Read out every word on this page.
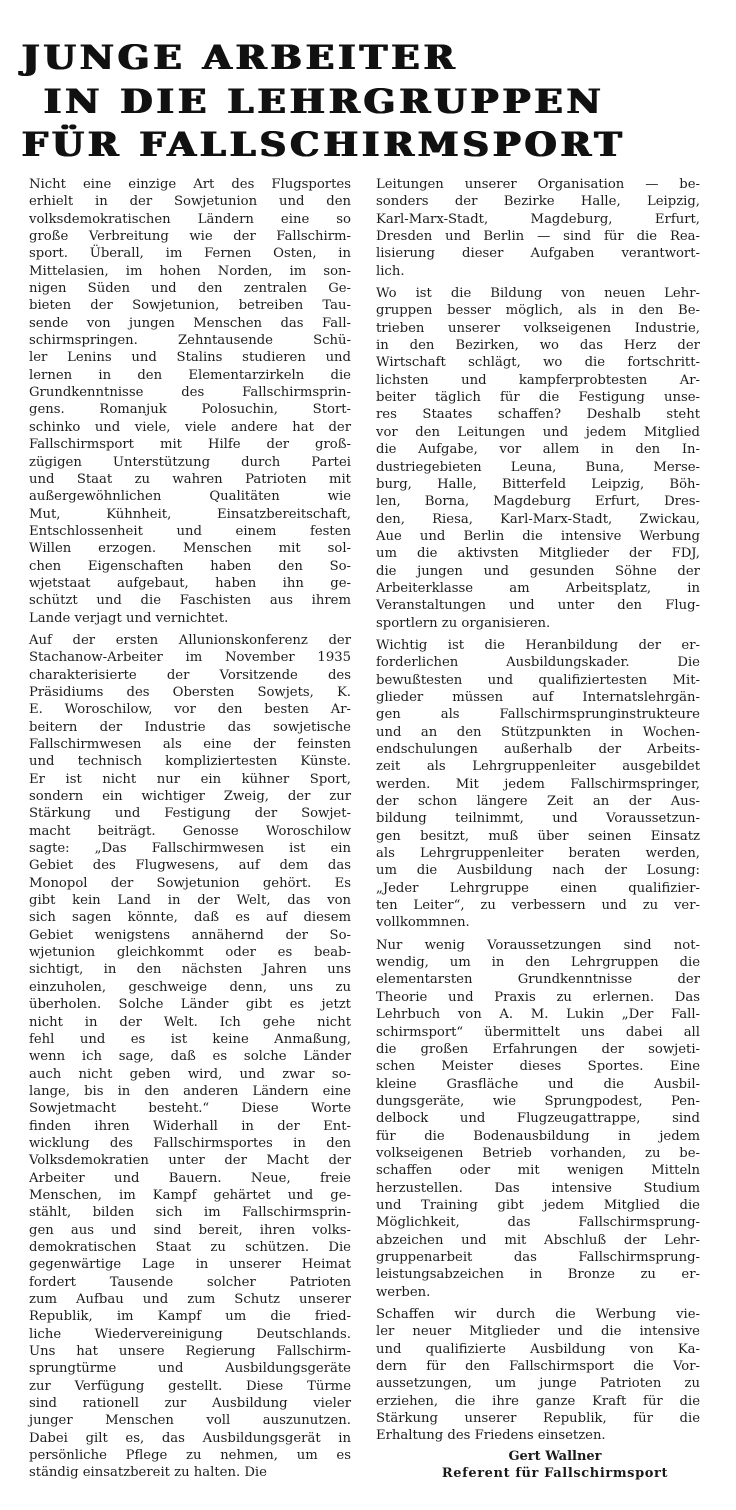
JUNGE ARBEITER
IN DIE LEHRGRUPPEN
FÜR FALLSCHIRMSPORT
Nicht eine einzige Art des Flugsportes
erhielt in der Sowjetunion und den
volksdemokratischen Ländern eine so
große Verbreitung wie der Fallschirm-
sport. Überall, im Fernen Osten, in
Mittelasien, im hohen Norden, im son-
nigen Süden und den zentralen Ge-
bieten der Sowjetunion, betreiben Tau-
sende von jungen Menschen das Fall-
schirmspringen. Zehntausende Schü-
ler Lenins und Stalins studieren und
lernen in den Elementarzirkeln die
Grundkenntnisse des Fallschirmsprin-
gens. Romanjuk Polosuchin, Stort-
schinko und viele, viele andere hat der
Fallschirmsport mit Hilfe der groß-
zügigen Unterstützung durch Partei
und Staat zu wahren Patrioten mit
außergewöhnlichen Qualitäten wie
Mut, Kühnheit, Einsatzbereitschaft,
Entschlossenheit und einem festen
Willen erzogen. Menschen mit sol-
chen Eigenschaften haben den So-
wjetstaat aufgebaut, haben ihn ge-
schützt und die Faschisten aus ihrem
Lande verjagt und vernichtet.
Auf der ersten Allunionskonferenz der
Stachanow-Arbeiter im November 1935
charakterisierte der Vorsitzende des
Präsidiums des Obersten Sowjets, K.
E. Woroschilow, vor den besten Ar-
beitern der Industrie das sowjetische
Fallschirmwesen als eine der feinsten
und technisch kompliziertesten Künste.
Er ist nicht nur ein kühner Sport,
sondern ein wichtiger Zweig, der zur
Stärkung und Festigung der Sowjet-
macht beiträgt. Genosse Woroschilow
sagte: „Das Fallschirmwesen ist ein
Gebiet des Flugwesens, auf dem das
Monopol der Sowjetunion gehört. Es
gibt kein Land in der Welt, das von
sich sagen könnte, daß es auf diesem
Gebiet wenigstens annähernd der So-
wjetunion gleichkommt oder es beab-
sichtigt, in den nächsten Jahren uns
einzuholen, geschweige denn, uns zu
überholen. Solche Länder gibt es jetzt
nicht in der Welt. Ich gehe nicht
fehl und es ist keine Anmaßung,
wenn ich sage, daß es solche Länder
auch nicht geben wird, und zwar so-
lange, bis in den anderen Ländern eine
Sowjetmacht besteht.“ Diese Worte
finden ihren Widerhall in der Ent-
wicklung des Fallschirmsportes in den
Volksdemokratien unter der Macht der
Arbeiter und Bauern. Neue, freie
Menschen, im Kampf gehärtet und ge-
stählt, bilden sich im Fallschirmsprin-
gen aus und sind bereit, ihren volks-
demokratischen Staat zu schützen. Die
gegenwärtige Lage in unserer Heimat
fordert Tausende solcher Patrioten
zum Aufbau und zum Schutz unserer
Republik, im Kampf um die fried-
liche Wiedervereinigung Deutschlands.
Uns hat unsere Regierung Fallschirm-
sprungtürme und Ausbildungsgeräte
zur Verfügung gestellt. Diese Türme
sind rationell zur Ausbildung vieler
junger Menschen voll auszunutzen.
Dabei gilt es, das Ausbildungsgerät in
persönliche Pflege zu nehmen, um es
ständig einsatzbereit zu halten. Die
Leitungen unserer Organisation — be-
sonders der Bezirke Halle, Leipzig,
Karl-Marx-Stadt, Magdeburg, Erfurt,
Dresden und Berlin — sind für die Rea-
lisierung dieser Aufgaben verantwort-
lich.
Wo ist die Bildung von neuen Lehr-
gruppen besser möglich, als in den Be-
trieben unserer volkseigenen Industrie,
in den Bezirken, wo das Herz der
Wirtschaft schlägt, wo die fortschritt-
lichsten und kampferprobtesten Ar-
beiter täglich für die Festigung unse-
res Staates schaffen? Deshalb steht
vor den Leitungen und jedem Mitglied
die Aufgabe, vor allem in den In-
dustriegebieten Leuna, Buna, Merse-
burg, Halle, Bitterfeld Leipzig, Böh-
len, Borna, Magdeburg Erfurt, Dres-
den, Riesa, Karl-Marx-Stadt, Zwickau,
Aue und Berlin die intensive Werbung
um die aktivsten Mitglieder der FDJ,
die jungen und gesunden Söhne der
Arbeiterklasse am Arbeitsplatz, in
Veranstaltungen und unter den Flug-
sportlern zu organisieren.
Wichtig ist die Heranbildung der er-
forderlichen Ausbildungskader. Die
bewußtesten und qualifiziertesten Mit-
glieder müssen auf Internatslehrgän-
gen als Fallschirmsprunginstrukteure
und an den Stützpunkten in Wochen-
endschulungen außerhalb der Arbeits-
zeit als Lehrgruppenleiter ausgebildet
werden. Mit jedem Fallschirmspringer,
der schon längere Zeit an der Aus-
bildung teilnimmt, und Voraussetzun-
gen besitzt, muß über seinen Einsatz
als Lehrgruppenleiter beraten werden,
um die Ausbildung nach der Losung:
„Jeder Lehrgruppe einen qualifizier-
ten Leiter“, zu verbessern und zu ver-
vollkommnen.
Nur wenig Voraussetzungen sind not-
wendig, um in den Lehrgruppen die
elementarsten Grundkenntnisse der
Theorie und Praxis zu erlernen. Das
Lehrbuch von A. M. Lukin „Der Fall-
schirmsport“ übermittelt uns dabei all
die großen Erfahrungen der sowjeti-
schen Meister dieses Sportes. Eine
kleine Grasfläche und die Ausbil-
dungsgeräte, wie Sprungpodest, Pen-
delbock und Flugzeugattrappe, sind
für die Bodenausbildung in jedem
volkseigenen Betrieb vorhanden, zu be-
schaffen oder mit wenigen Mitteln
herzustellen. Das intensive Studium
und Training gibt jedem Mitglied die
Möglichkeit, das Fallschirmsprung-
abzeichen und mit Abschluß der Lehr-
gruppenarbeit das Fallschirmsprung-
leistungsabzeichen in Bronze zu er-
werben.
Schaffen wir durch die Werbung vie-
ler neuer Mitglieder und die intensive
und qualifizierte Ausbildung von Ka-
dern für den Fallschirmsport die Vor-
aussetzungen, um junge Patrioten zu
erziehen, die ihre ganze Kraft für die
Stärkung unserer Republik, für die
Erhaltung des Friedens einsetzen.
Gert Wallner
Referent für Fallschirmsport
